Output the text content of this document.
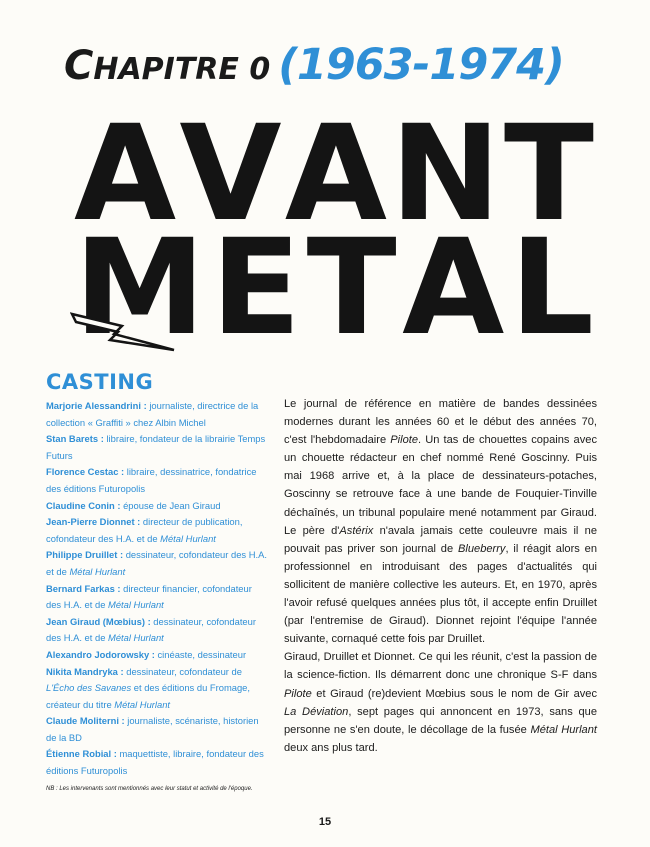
CHAPITRE 0 (1963-1974)
A V A N T
M E T A L
CASTING
Marjorie Alessandrini : journaliste, directrice de la collection « Graffiti » chez Albin Michel
Stan Barets : libraire, fondateur de la librairie Temps Futurs
Florence Cestac : libraire, dessinatrice, fondatrice des éditions Futuropolis
Claudine Conin : épouse de Jean Giraud
Jean-Pierre Dionnet : directeur de publication, cofondateur des H.A. et de Métal Hurlant
Philippe Druillet : dessinateur, cofondateur des H.A. et de Métal Hurlant
Bernard Farkas : directeur financier, cofondateur des H.A. et de Métal Hurlant
Jean Giraud (Mœbius) : dessinateur, cofondateur des H.A. et de Métal Hurlant
Alexandro Jodorowsky : cinéaste, dessinateur
Nikita Mandryka : dessinateur, cofondateur de L'Écho des Savanes et des éditions du Fromage, créateur du titre Métal Hurlant
Claude Moliterni : journaliste, scénariste, historien de la BD
Étienne Robial : maquettiste, libraire, fondateur des éditions Futuropolis
NB : Les intervenants sont mentionnés avec leur statut et activité de l'époque.

Le journal de référence en matière de bandes dessinées modernes durant les années 60 et le début des années 70, c'est l'hebdomadaire Pilote. Un tas de chouettes copains avec un chouette rédacteur en chef nommé René Goscinny. Puis mai 1968 arrive et, à la place de dessinateurs-potaches, Goscinny se retrouve face à une bande de Fouquier-Tinville déchaînés, un tribunal populaire mené notamment par Giraud. Le père d'Astérix n'avala jamais cette couleuvre mais il ne pouvait pas priver son journal de Blueberry, il réagit alors en professionnel en introduisant des pages d'actualités qui sollicitent de manière collective les auteurs. Et, en 1970, après l'avoir refusé quelques années plus tôt, il accepte enfin Druillet (par l'entremise de Giraud). Dionnet rejoint l'équipe l'année suivante, cornaqué cette fois par Druillet.

Giraud, Druillet et Dionnet. Ce qui les réunit, c'est la passion de la science-fiction. Ils démarrent donc une chronique S-F dans Pilote et Giraud (re)devient Mœbius sous le nom de Gir avec La Déviation, sept pages qui annoncent en 1973, sans que personne ne s'en doute, le décollage de la fusée Métal Hurlant deux ans plus tard.

15
